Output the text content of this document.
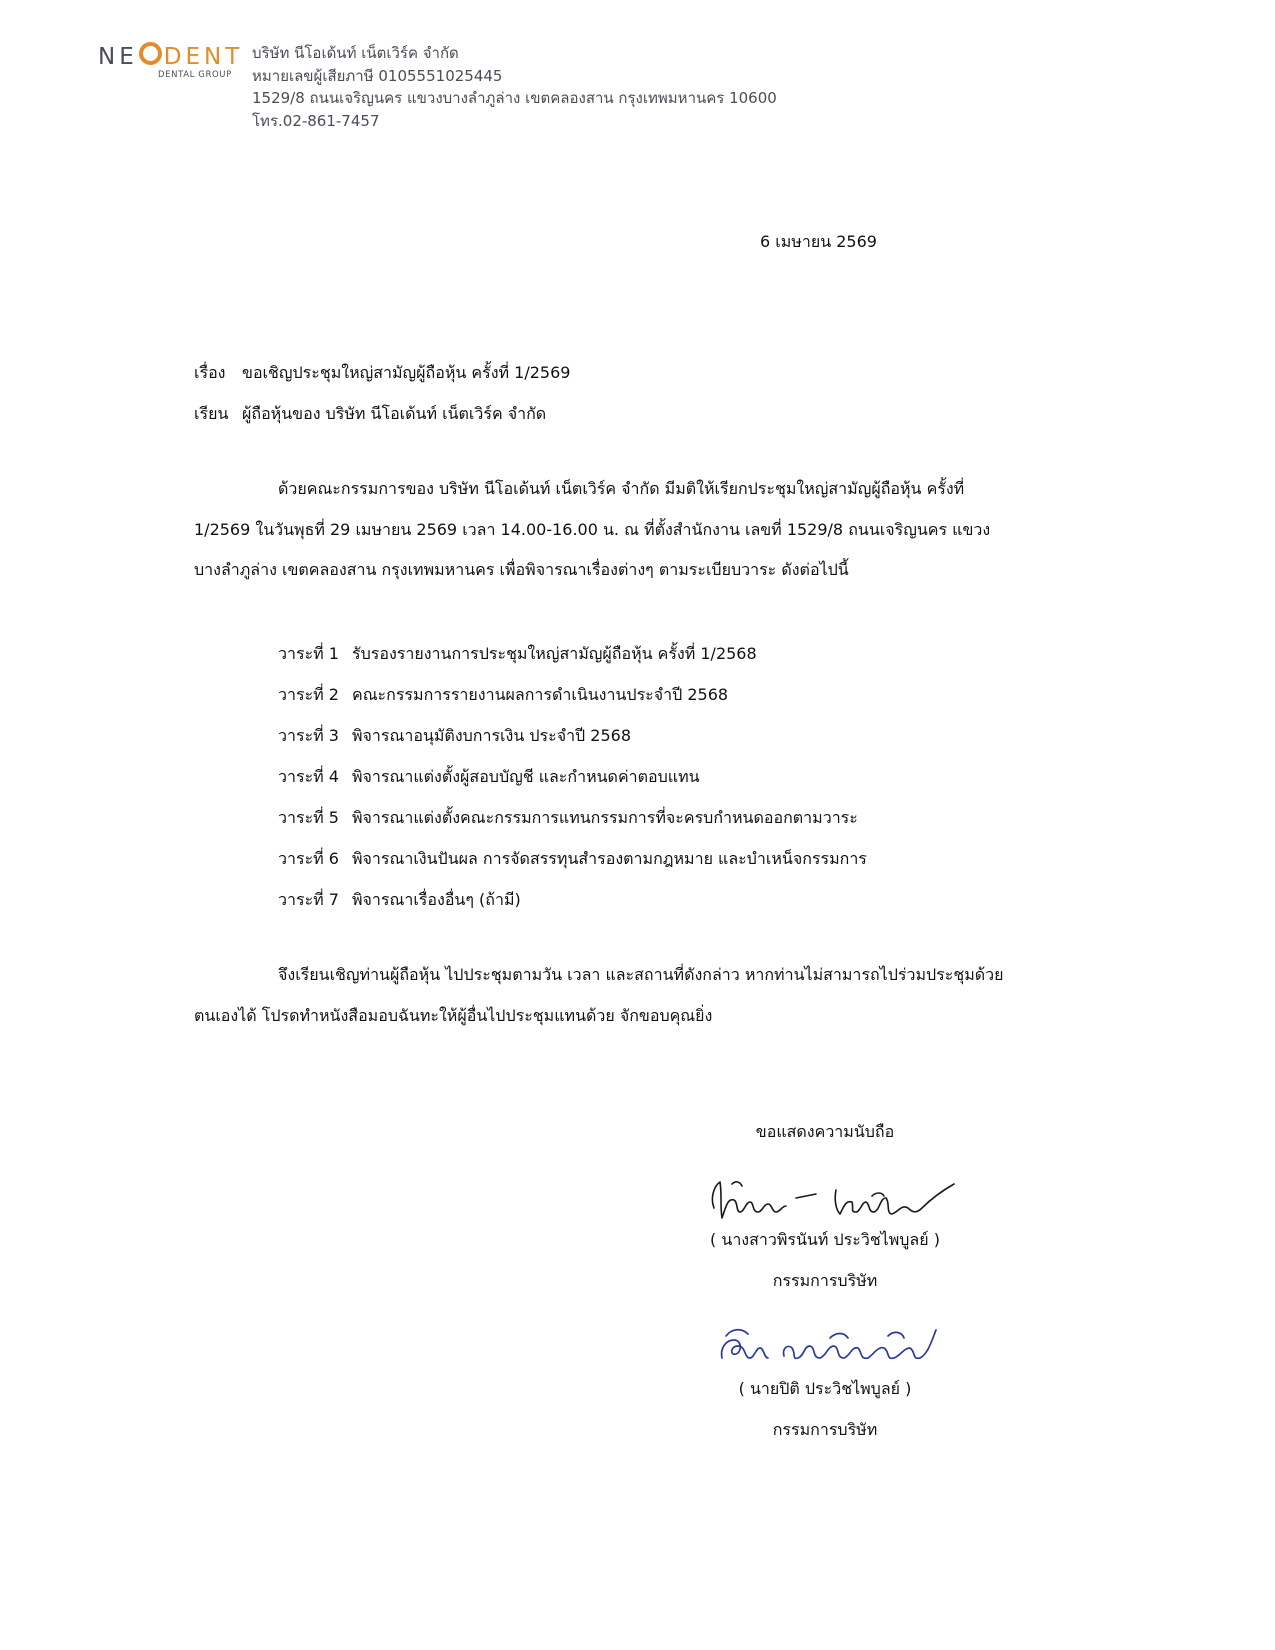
NE DENT
DENTAL GROUP
บริษัท นีโอเด้นท์ เน็ตเวิร์ค จำกัด
หมายเลขผู้เสียภาษี 0105551025445
1529/8 ถนนเจริญนคร แขวงบางลำภูล่าง เขตคลองสาน กรุงเทพมหานคร 10600
โทร.02-861-7457
6 เมษายน 2569
เรื่อง ขอเชิญประชุมใหญ่สามัญผู้ถือหุ้น ครั้งที่ 1/2569
เรียน ผู้ถือหุ้นของ บริษัท นีโอเด้นท์ เน็ตเวิร์ค จำกัด
ด้วยคณะกรรมการของ บริษัท นีโอเด้นท์ เน็ตเวิร์ค จำกัด มีมติให้เรียกประชุมใหญ่สามัญผู้ถือหุ้น ครั้งที่
1/2569 ในวันพุธที่ 29 เมษายน 2569 เวลา 14.00-16.00 น. ณ ที่ตั้งสำนักงาน เลขที่ 1529/8 ถนนเจริญนคร แขวง
บางลำภูล่าง เขตคลองสาน กรุงเทพมหานคร เพื่อพิจารณาเรื่องต่างๆ ตามระเบียบวาระ ดังต่อไปนี้
วาระที่ 1 รับรองรายงานการประชุมใหญ่สามัญผู้ถือหุ้น ครั้งที่ 1/2568
วาระที่ 2 คณะกรรมการรายงานผลการดำเนินงานประจำปี 2568
วาระที่ 3 พิจารณาอนุมัติงบการเงิน ประจำปี 2568
วาระที่ 4 พิจารณาแต่งตั้งผู้สอบบัญชี และกำหนดค่าตอบแทน
วาระที่ 5 พิจารณาแต่งตั้งคณะกรรมการแทนกรรมการที่จะครบกำหนดออกตามวาระ
วาระที่ 6 พิจารณาเงินปันผล การจัดสรรทุนสำรองตามกฎหมาย และบำเหน็จกรรมการ
วาระที่ 7 พิจารณาเรื่องอื่นๆ (ถ้ามี)
จึงเรียนเชิญท่านผู้ถือหุ้น ไปประชุมตามวัน เวลา และสถานที่ดังกล่าว หากท่านไม่สามารถไปร่วมประชุมด้วย
ตนเองได้ โปรดทำหนังสือมอบฉันทะให้ผู้อื่นไปประชุมแทนด้วย จักขอบคุณยิ่ง
ขอแสดงความนับถือ
( นางสาวพิรนันท์ ประวิชไพบูลย์ )
กรรมการบริษัท
( นายปิติ ประวิชไพบูลย์ )
กรรมการบริษัท
